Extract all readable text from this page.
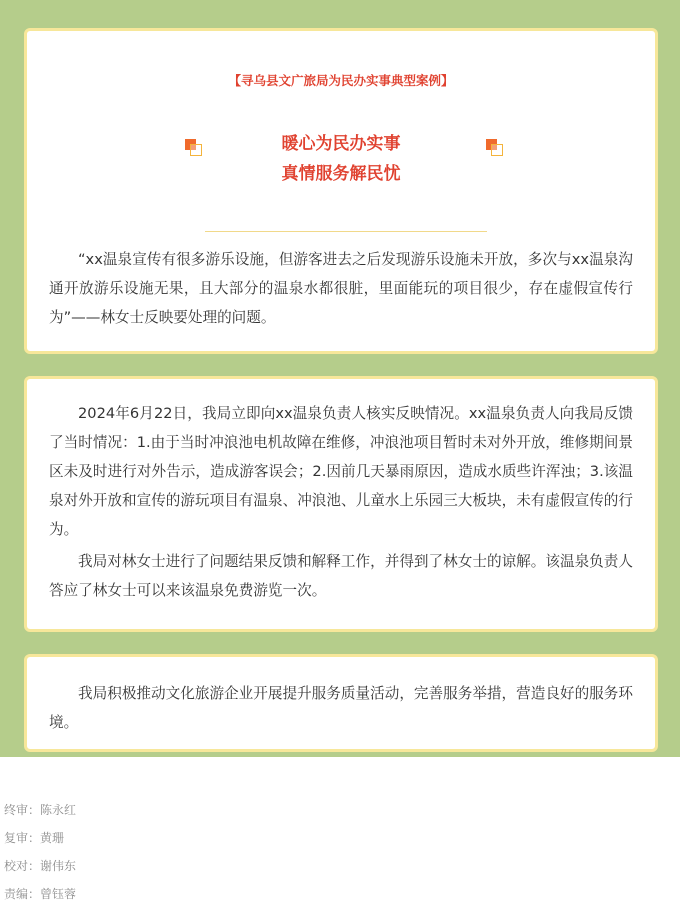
【寻乌县文广旅局为民办实事典型案例】
暖心为民办实事
真情服务解民忧

“xx温泉宣传有很多游乐设施，但游客进去之后发现游乐设施未开放，多次与xx温泉沟通开放游乐设施无果，且大部分的温泉水都很脏，里面能玩的项目很少，存在虚假宣传行为”——林女士反映要处理的问题。

2024年6月22日，我局立即向xx温泉负责人核实反映情况。xx温泉负责人向我局反馈了当时情况：1.由于当时冲浪池电机故障在维修，冲浪池项目暂时未对外开放，维修期间景区未及时进行对外告示，造成游客误会；2.因前几天暴雨原因，造成水质些许浑浊；3.该温泉对外开放和宣传的游玩项目有温泉、冲浪池、儿童水上乐园三大板块，未有虚假宣传的行为。

我局对林女士进行了问题结果反馈和解释工作，并得到了林女士的谅解。该温泉负责人答应了林女士可以来该温泉免费游览一次。

我局积极推动文化旅游企业开展提升服务质量活动，完善服务举措，营造良好的服务环境。

终审：陈永红
复审：黄珊
校对：谢伟东
责编：曾钰蓉
